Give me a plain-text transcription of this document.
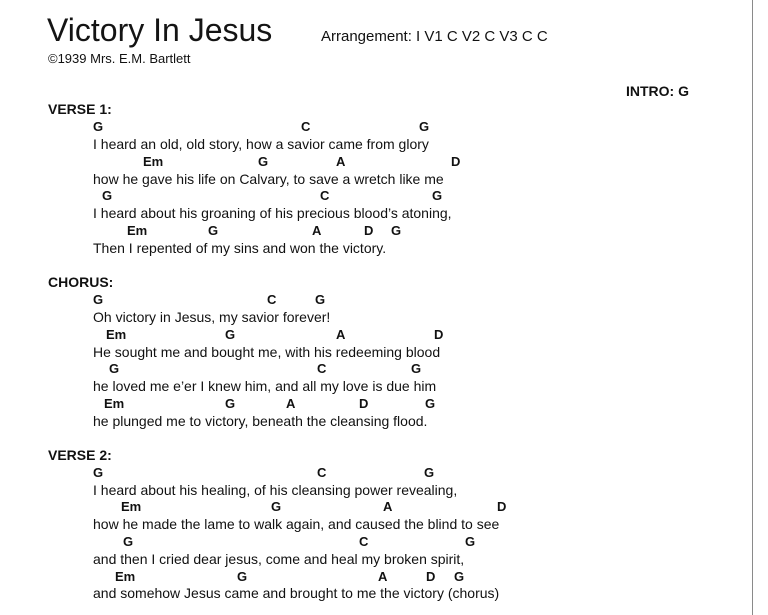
Victory In Jesus	Arrangement: I V1 C V2 C V3 C C
©1939 Mrs. E.M. Bartlett
INTRO: G
VERSE 1:
G	C	G
I heard an old, old story, how a savior came from glory
Em	G	A	D
how he gave his life on Calvary, to save a wretch like me
G	C	G
I heard about his groaning of his precious blood’s atoning,
Em	G	A	D G
Then I repented of my sins and won the victory.
CHORUS:
G	C	G
Oh victory in Jesus, my savior forever!
Em	G	A	D
He sought me and bought me, with his redeeming blood
G	C	G
he loved me e’er I knew him, and all my love is due him
Em	G	A	D	G
he plunged me to victory, beneath the cleansing flood.
VERSE 2:
G	C	G
I heard about his healing, of his cleansing power revealing,
Em	G	A	D
how he made the lame to walk again, and caused the blind to see
G	C	G
and then I cried dear jesus, come and heal my broken spirit,
Em	G	A	D G
and somehow Jesus came and brought to me the victory (chorus)
